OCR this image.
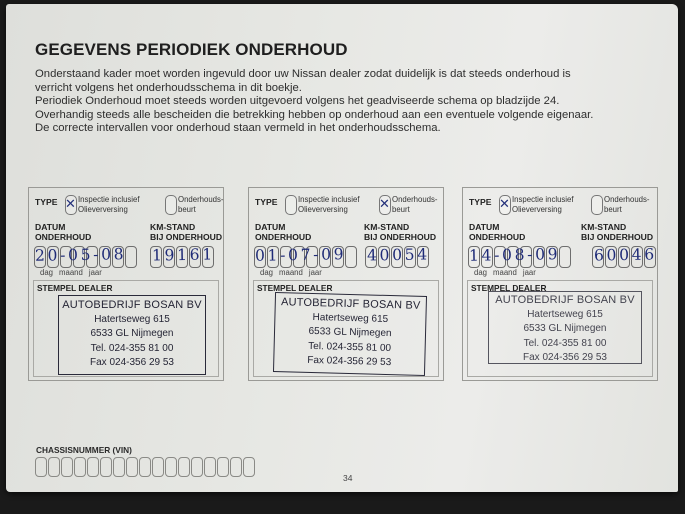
GEGEVENS PERIODIEK ONDERHOUD
Onderstaand kader moet worden ingevuld door uw Nissan dealer zodat duidelijk is dat steeds onderhoud is
verricht volgens het onderhoudsschema in dit boekje.
Periodiek Onderhoud moet steeds worden uitgevoerd volgens het geadviseerde schema op bladzijde 24.
Overhandig steeds alle bescheiden die betrekking hebben op onderhoud aan een eventuele volgende eigenaar.
De correcte intervallen voor onderhoud staan vermeld in het onderhoudsschema.
TYPE ✕ Inspectie inclusief
Olieverversing
Onderhouds-
beurt
DATUM
ONDERHOUD
KM-STAND
BIJ ONDERHOUD
20-05-08 19161
dag maand jaar
STEMPEL DEALER
AUTOBEDRIJF BOSAN BV
Hatertseweg 615
6533 GL Nijmegen
Tel. 024-355 81 00
Fax 024-356 29 53
TYPE	Inspectie inclusief
Olieverversing	✕ Onderhouds-
beurt
DATUM
ONDERHOUD
KM-STAND
BIJ ONDERHOUD
01-07-09 40054
dag maand jaar
STEMPEL DEALER
AUTOBEDRIJF BOSAN BV
Hatertseweg 615
6533 GL Nijmegen
Tel. 024-355 81 00
Fax 024-356 29 53
TYPE ✕ Inspectie inclusief
Olieverversing
Onderhouds-
beurt
DATUM
ONDERHOUD
KM-STAND
BIJ ONDERHOUD
14-08-09 60046
dag maand jaar
STEMPEL DEALER
AUTOBEDRIJF BOSAN BV
Hatertseweg 615
6533 GL Nijmegen
Tel. 024-355 81 00
Fax 024-356 29 53
CHASSISNUMMER (VIN)
34
